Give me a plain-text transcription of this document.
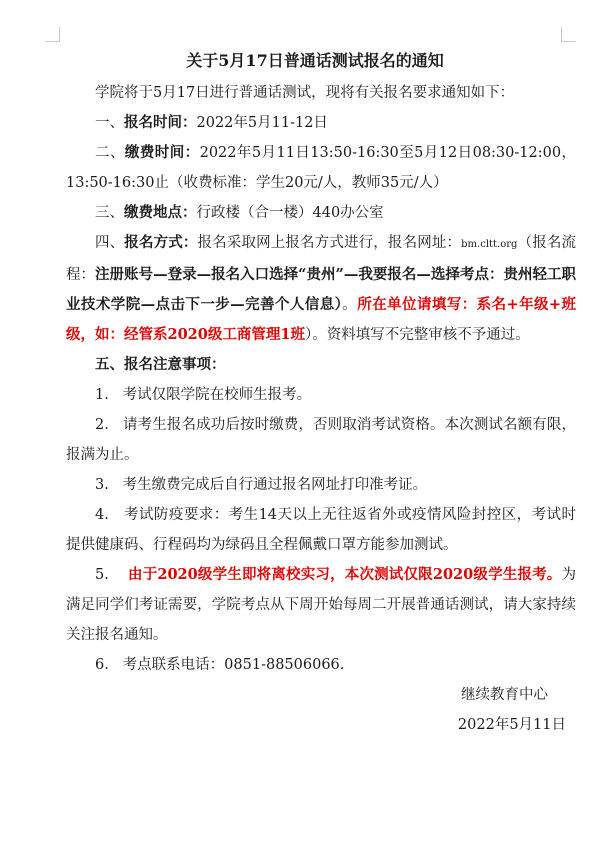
关于5月17日普通话测试报名的通知

学院将于5月17日进行普通话测试，现将有关报名要求通知如下：

一、报名时间：2022年5月11-12日

二、缴费时间：2022年5月11日13:50-16:30至5月12日08:30-12:00，13:50-16:30止（收费标准：学生20元/人，教师35元/人）

三、缴费地点：行政楼（合一楼）440办公室

四、报名方式：报名采取网上报名方式进行，报名网址：bm.cltt.org（报名流程：注册账号—登录—报名入口选择“贵州”—我要报名—选择考点：贵州轻工职业技术学院—点击下一步—完善个人信息）。所在单位请填写：系名+年级+班级，如：经管系2020级工商管理1班）。资料填写不完整审核不予通过。

五、报名注意事项：

1. 考试仅限学院在校师生报考。

2. 请考生报名成功后按时缴费，否则取消考试资格。本次测试名额有限，报满为止。

3. 考生缴费完成后自行通过报名网址打印准考证。

4. 考试防疫要求：考生14天以上无往返省外或疫情风险封控区，考试时提供健康码、行程码均为绿码且全程佩戴口罩方能参加测试。

5. 由于2020级学生即将离校实习，本次测试仅限2020级学生报考。为满足同学们考证需要，学院考点从下周开始每周二开展普通话测试，请大家持续关注报名通知。

6. 考点联系电话：0851-88506066.

继续教育中心

2022年5月11日
